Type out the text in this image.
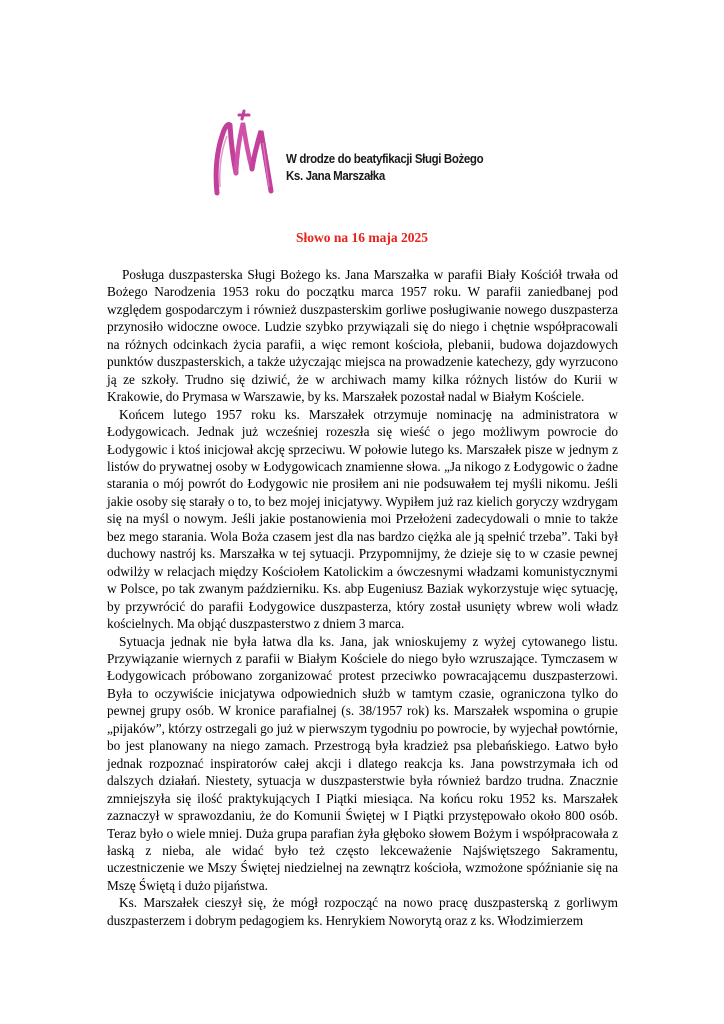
W drodze do beatyfikacji Sługi Bożego
Ks. Jana Marszałka
Słowo na 16 maja 2025

Posługa duszpasterska Sługi Bożego ks. Jana Marszałka w parafii Biały Kościół trwała od Bożego Narodzenia 1953 roku do początku marca 1957 roku. W parafii zaniedbanej pod względem gospodarczym i również duszpasterskim gorliwe posługiwanie nowego duszpasterza przynosiło widoczne owoce. Ludzie szybko przywiązali się do niego i chętnie współpracowali na różnych odcinkach życia parafii, a więc remont kościoła, plebanii, budowa dojazdowych punktów duszpasterskich, a także użyczając miejsca na prowadzenie katechezy, gdy wyrzucono ją ze szkoły. Trudno się dziwić, że w archiwach mamy kilka różnych listów do Kurii w Krakowie, do Prymasa w Warszawie, by ks. Marszałek pozostał nadal w Białym Kościele.

Końcem lutego 1957 roku ks. Marszałek otrzymuje nominację na administratora w Łodygowicach. Jednak już wcześniej rozeszła się wieść o jego możliwym powrocie do Łodygowic i ktoś inicjował akcję sprzeciwu. W połowie lutego ks. Marszałek pisze w jednym z listów do prywatnej osoby w Łodygowicach znamienne słowa. „Ja nikogo z Łodygowic o żadne starania o mój powrót do Łodygowic nie prosiłem ani nie podsuwałem tej myśli nikomu. Jeśli jakie osoby się starały o to, to bez mojej inicjatywy. Wypiłem już raz kielich goryczy wzdrygam się na myśl o nowym. Jeśli jakie postanowienia moi Przełożeni zadecydowali o mnie to także bez mego starania. Wola Boża czasem jest dla nas bardzo ciężka ale ją spełnić trzeba”. Taki był duchowy nastrój ks. Marszałka w tej sytuacji. Przypomnijmy, że dzieje się to w czasie pewnej odwilży w relacjach między Kościołem Katolickim a ówczesnymi władzami komunistycznymi w Polsce, po tak zwanym październiku. Ks. abp Eugeniusz Baziak wykorzystuje więc sytuację, by przywrócić do parafii Łodygowice duszpasterza, który został usunięty wbrew woli władz kościelnych. Ma objąć duszpasterstwo z dniem 3 marca.

Sytuacja jednak nie była łatwa dla ks. Jana, jak wnioskujemy z wyżej cytowanego listu. Przywiązanie wiernych z parafii w Białym Kościele do niego było wzruszające. Tymczasem w Łodygowicach próbowano zorganizować protest przeciwko powracającemu duszpasterzowi. Była to oczywiście inicjatywa odpowiednich służb w tamtym czasie, ograniczona tylko do pewnej grupy osób. W kronice parafialnej (s. 38/1957 rok) ks. Marszałek wspomina o grupie „pijaków”, którzy ostrzegali go już w pierwszym tygodniu po powrocie, by wyjechał powtórnie, bo jest planowany na niego zamach. Przestrogą była kradzież psa plebańskiego. Łatwo było jednak rozpoznać inspiratorów całej akcji i dlatego reakcja ks. Jana powstrzymała ich od dalszych działań. Niestety, sytuacja w duszpasterstwie była również bardzo trudna. Znacznie zmniejszyła się ilość praktykujących I Piątki miesiąca. Na końcu roku 1952 ks. Marszałek zaznaczył w sprawozdaniu, że do Komunii Świętej w I Piątki przystępowało około 800 osób. Teraz było o wiele mniej. Duża grupa parafian żyła głęboko słowem Bożym i współpracowała z łaską z nieba, ale widać było też często lekceważenie Najświętszego Sakramentu, uczestniczenie we Mszy Świętej niedzielnej na zewnątrz kościoła, wzmożone spóźnianie się na Mszę Świętą i dużo pijaństwa.

Ks. Marszałek cieszył się, że mógł rozpocząć na nowo pracę duszpasterską z gorliwym duszpasterzem i dobrym pedagogiem ks. Henrykiem Noworytą oraz z ks. Włodzimierzem
